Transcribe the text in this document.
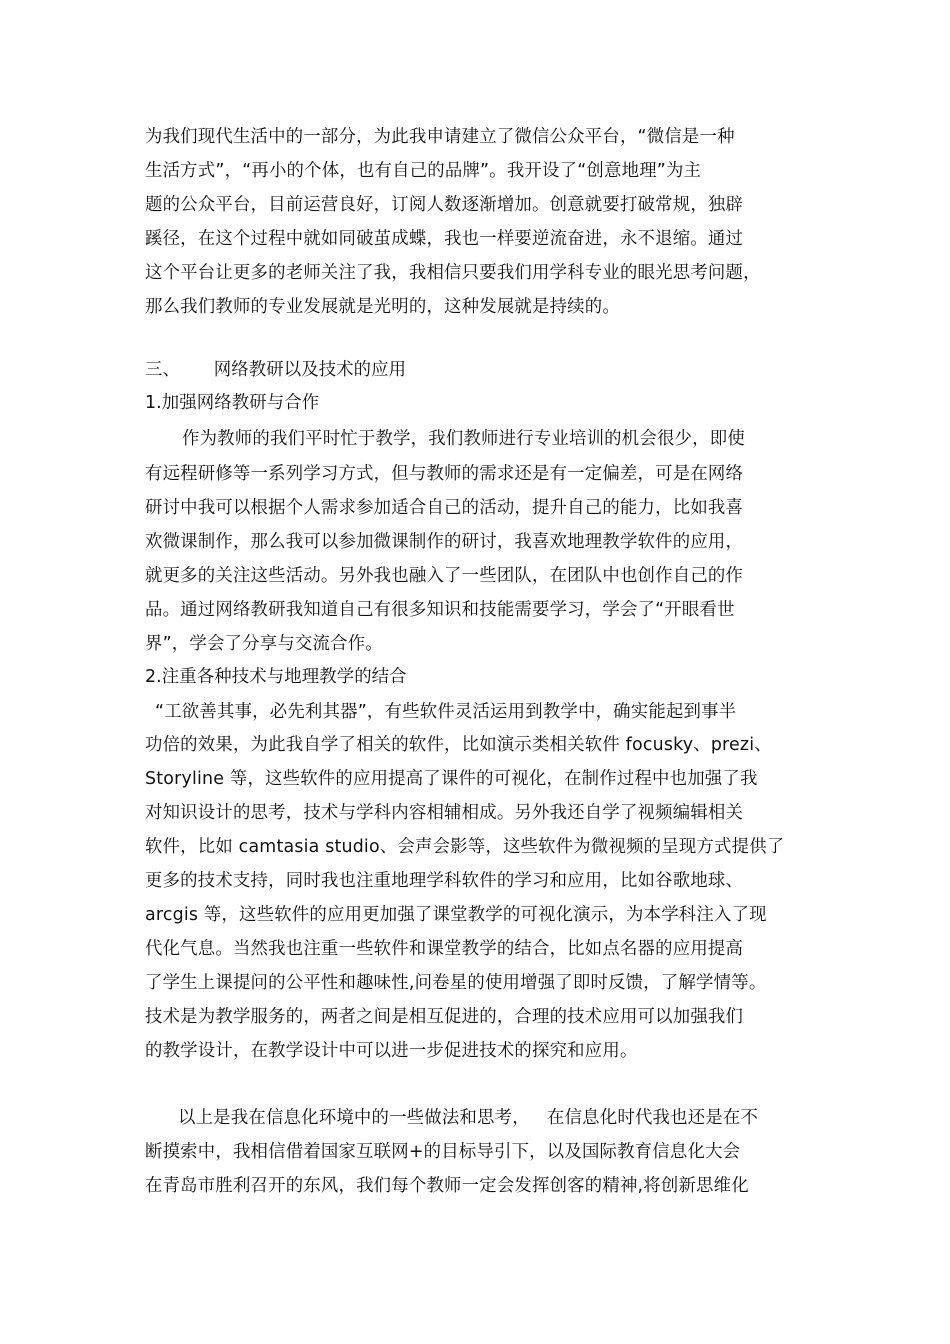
为我们现代生活中的一部分，为此我申请建立了微信公众平台，“微信是一种
生活方式”，“再小的个体，也有自己的品牌”。我开设了“创意地理”为主
题的公众平台，目前运营良好，订阅人数逐渐增加。创意就要打破常规，独辟
蹊径，在这个过程中就如同破茧成蝶，我也一样要逆流奋进，永不退缩。通过
这个平台让更多的老师关注了我，我相信只要我们用学科专业的眼光思考问题，
那么我们教师的专业发展就是光明的，这种发展就是持续的。
三、      网络教研以及技术的应用
1.加强网络教研与合作
作为教师的我们平时忙于教学，我们教师进行专业培训的机会很少，即使
有远程研修等一系列学习方式，但与教师的需求还是有一定偏差，可是在网络
研讨中我可以根据个人需求参加适合自己的活动，提升自己的能力，比如我喜
欢微课制作，那么我可以参加微课制作的研讨，我喜欢地理教学软件的应用，
就更多的关注这些活动。另外我也融入了一些团队，在团队中也创作自己的作
品。通过网络教研我知道自己有很多知识和技能需要学习，学会了“开眼看世
界”，学会了分享与交流合作。
2.注重各种技术与地理教学的结合
“工欲善其事，必先利其器”，有些软件灵活运用到教学中，确实能起到事半
功倍的效果，为此我自学了相关的软件，比如演示类相关软件 focusky、prezi、
Storyline 等，这些软件的应用提高了课件的可视化，在制作过程中也加强了我
对知识设计的思考，技术与学科内容相辅相成。另外我还自学了视频编辑相关
软件，比如 camtasia studio、会声会影等，这些软件为微视频的呈现方式提供了
更多的技术支持，同时我也注重地理学科软件的学习和应用，比如谷歌地球、
arcgis 等，这些软件的应用更加强了课堂教学的可视化演示，为本学科注入了现
代化气息。当然我也注重一些软件和课堂教学的结合，比如点名器的应用提高
了学生上课提问的公平性和趣味性,问卷星的使用增强了即时反馈，了解学情等。
技术是为教学服务的，两者之间是相互促进的，合理的技术应用可以加强我们
的教学设计，在教学设计中可以进一步促进技术的探究和应用。
以上是我在信息化环境中的一些做法和思考，   在信息化时代我也还是在不
断摸索中，我相信借着国家互联网+的目标导引下，以及国际教育信息化大会
在青岛市胜利召开的东风，我们每个教师一定会发挥创客的精神,将创新思维化
